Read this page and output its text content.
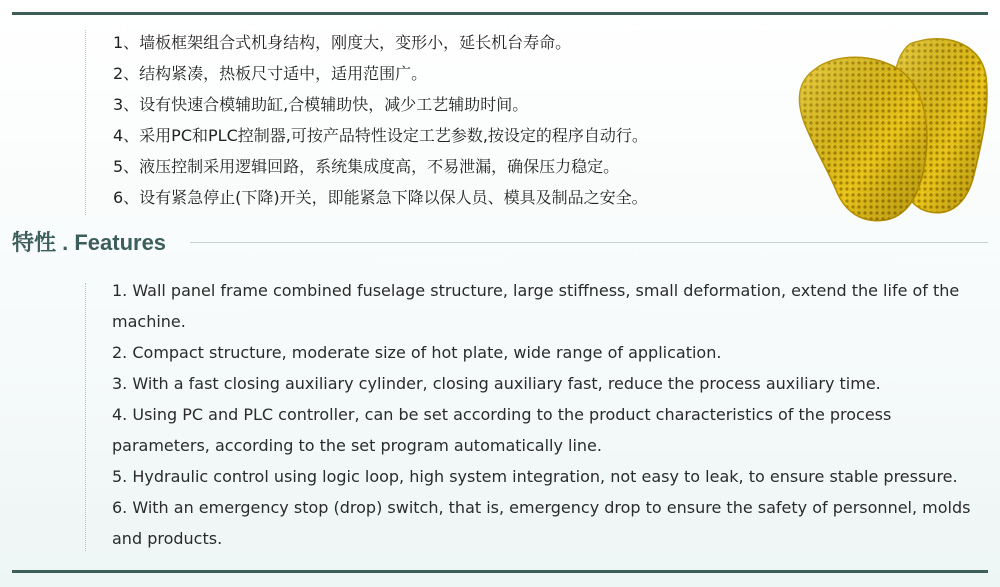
1、墙板框架组合式机身结构，刚度大，变形小，延长机台寿命。

2、结构紧凑，热板尺寸适中，适用范围广。

3、设有快速合模辅助缸,合模辅助快，减少工艺辅助时间。

4、采用PC和PLC控制器,可按产品特性设定工艺参数,按设定的程序自动行。

5、液压控制采用逻辑回路，系统集成度高，不易泄漏，确保压力稳定。

6、设有紧急停止(下降)开关，即能紧急下降以保人员、模具及制品之安全。

特性 . Features

1. Wall panel frame combined fuselage structure, large stiffness, small deformation, extend the life of the machine.

2. Compact structure, moderate size of hot plate, wide range of application.

3. With a fast closing auxiliary cylinder, closing auxiliary fast, reduce the process auxiliary time.

4. Using PC and PLC controller, can be set according to the product characteristics of the process parameters, according to the set program automatically line.

5. Hydraulic control using logic loop, high system integration, not easy to leak, to ensure stable pressure.

6. With an emergency stop (drop) switch, that is, emergency drop to ensure the safety of personnel, molds and products.
